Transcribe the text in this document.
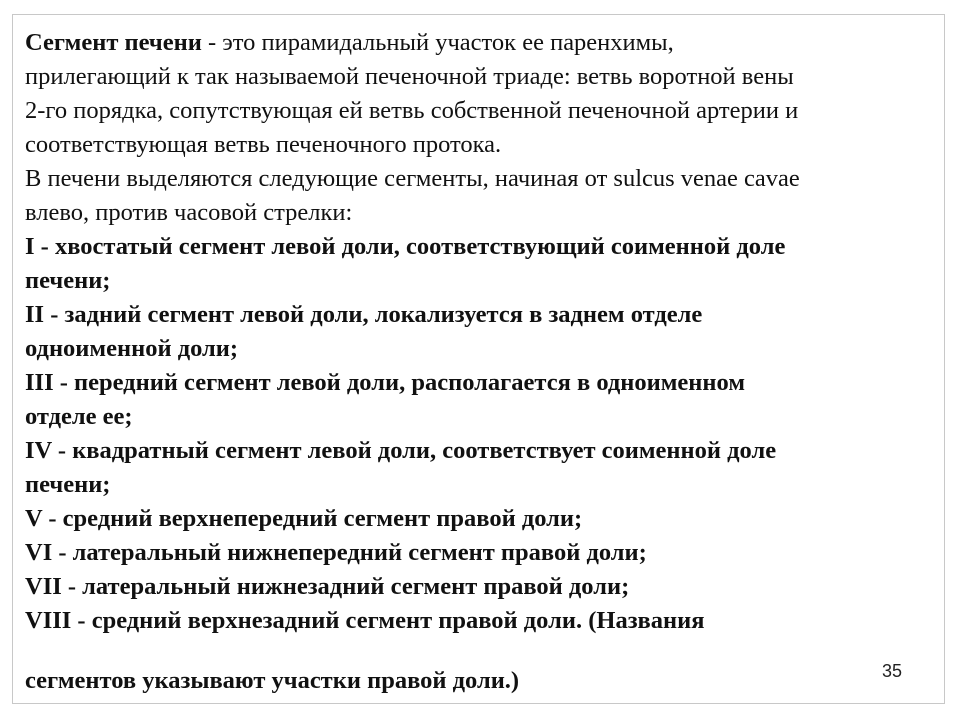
Сегмент печени - это пирамидальный участок ее паренхимы,
прилегающий к так называемой печеночной триаде: ветвь воротной вены
2-го порядка, сопутствующая ей ветвь собственной печеночной артерии и
соответствующая ветвь печеночного протока.

В печени выделяются следующие сегменты, начиная от sulcus venae cavae
влево, против часовой стрелки:

I - хвостатый сегмент левой доли, соответствующий соименной доле
печени;
II - задний сегмент левой доли, локализуется в заднем отделе
одноименной доли;
III - передний сегмент левой доли, располагается в одноименном
отделе ее;
IV - квадратный сегмент левой доли, соответствует соименной доле
печени;
V - средний верхнепередний сегмент правой доли;
VI - латеральный нижнепередний сегмент правой доли;
VII - латеральный нижнезадний сегмент правой доли;
VIII - средний верхнезадний сегмент правой доли. (Названия
сегментов указывают участки правой доли.)	35
